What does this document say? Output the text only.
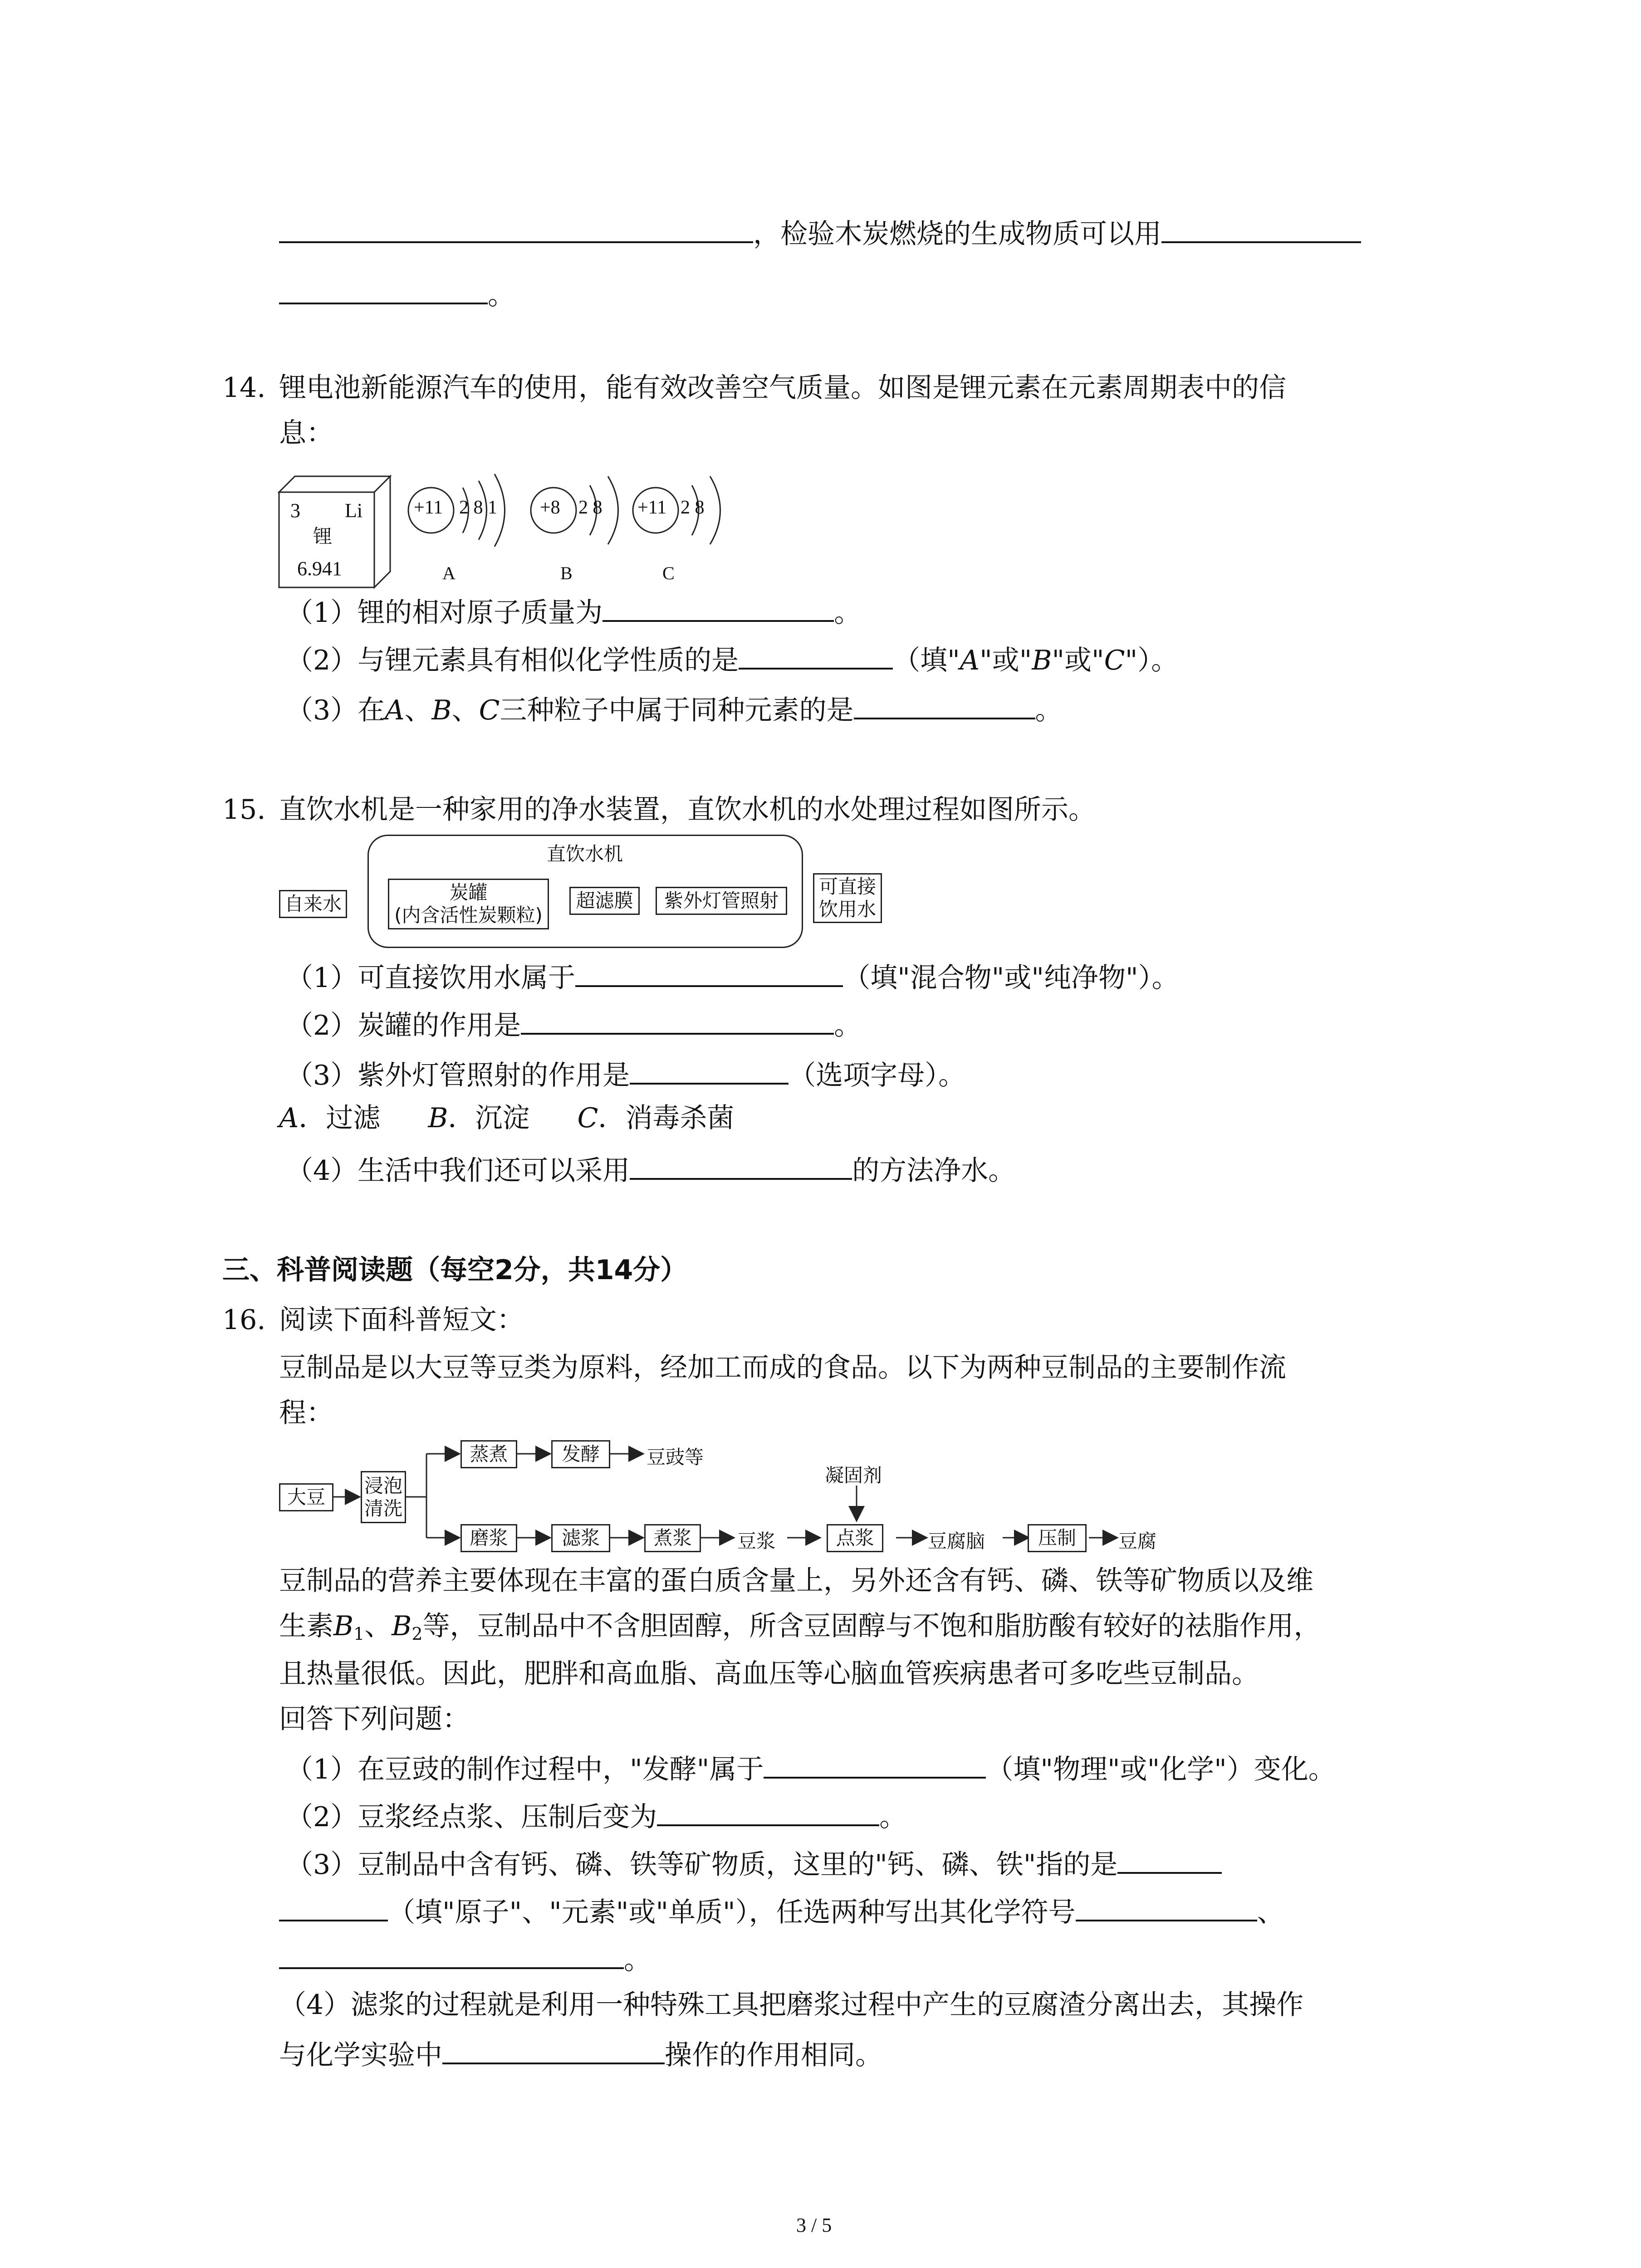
，检验木炭燃烧的生成物质可以用
。
14. 锂电池新能源汽车的使用，能有效改善空气质量。如图是锂元素在元素周期表中的信
息：
3 Li
锂
6.941
+11 2 8 1
A
+8 2 8
B
+11 2 8
C
（1）锂的相对原子质量为	。
（2）与锂元素具有相似化学性质的是	（填"A"或"B"或"C"）。
（3）在A、B、C三种粒子中属于同种元素的是	。
15. 直饮水机是一种家用的净水装置，直饮水机的水处理过程如图所示。
直饮水机
自来水
炭罐
(内含活性炭颗粒)
超滤膜 紫外灯管照射
可直接
饮用水
（1）可直接饮用水属于	（填"混合物"或"纯净物"）。
（2）炭罐的作用是	。
（3）紫外灯管照射的作用是	（选项字母）。
A．过滤 B．沉淀 C．消毒杀菌
（4）生活中我们还可以采用	的方法净水。
三、科普阅读题（每空2分，共14分）
16. 阅读下面科普短文：
豆制品是以大豆等豆类为原料，经加工而成的食品。以下为两种豆制品的主要制作流
程：
大豆
浸泡
清洗
蒸煮	发酵 豆豉等
凝固剂
磨浆	滤浆	煮浆 豆浆	点浆	豆腐脑	压制 豆腐
豆制品的营养主要体现在丰富的蛋白质含量上，另外还含有钙、磷、铁等矿物质以及维
生素$B_1$、$B_2$等，豆制品中不含胆固醇，所含豆固醇与不饱和脂肪酸有较好的祛脂作用，
且热量很低。因此，肥胖和高血脂、高血压等心脑血管疾病患者可多吃些豆制品。
回答下列问题：
（1）在豆豉的制作过程中，"发酵"属于	（填"物理"或"化学"）变化。
（2）豆浆经点浆、压制后变为	。
（3）豆制品中含有钙、磷、铁等矿物质，这里的"钙、磷、铁"指的是
（填"原子"、"元素"或"单质"），任选两种写出其化学符号	、
。
（4）滤浆的过程就是利用一种特殊工具把磨浆过程中产生的豆腐渣分离出去，其操作
与化学实验中	操作的作用相同。
3 / 5
